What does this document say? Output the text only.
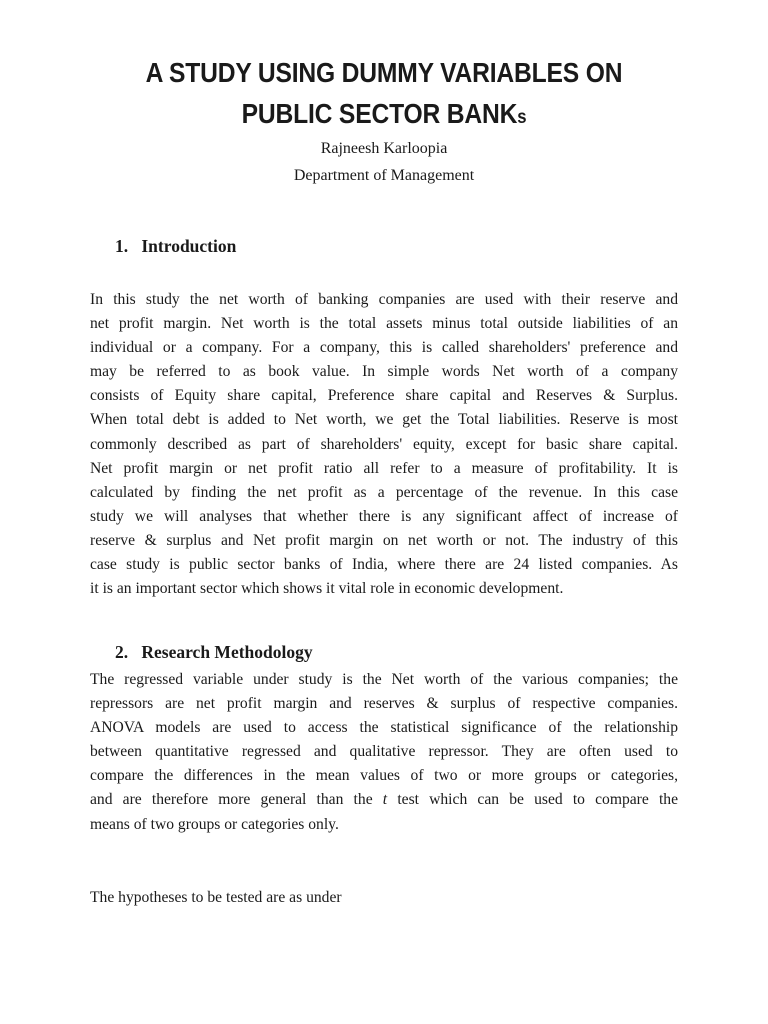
A STUDY USING DUMMY VARIABLES ON
PUBLIC SECTOR BANKs
Rajneesh Karloopia
Department of Management
1. Introduction
In this study the net worth of banking companies are used with their reserve and
net profit margin. Net worth is the total assets minus total outside liabilities of an
individual or a company. For a company, this is called shareholders' preference and
may be referred to as book value. In simple words Net worth of a company
consists of Equity share capital, Preference share capital and Reserves & Surplus.
When total debt is added to Net worth, we get the Total liabilities. Reserve is most
commonly described as part of shareholders' equity, except for basic share capital.
Net profit margin or net profit ratio all refer to a measure of profitability. It is
calculated by finding the net profit as a percentage of the revenue. In this case
study we will analyses that whether there is any significant affect of increase of
reserve & surplus and Net profit margin on net worth or not. The industry of this
case study is public sector banks of India, where there are 24 listed companies. As
it is an important sector which shows it vital role in economic development.
2. Research Methodology
The regressed variable under study is the Net worth of the various companies; the
repressors are net profit margin and reserves & surplus of respective companies.
ANOVA models are used to access the statistical significance of the relationship
between quantitative regressed and qualitative repressor. They are often used to
compare the differences in the mean values of two or more groups or categories,
and are therefore more general than the t test which can be used to compare the
means of two groups or categories only.
The hypotheses to be tested are as under
